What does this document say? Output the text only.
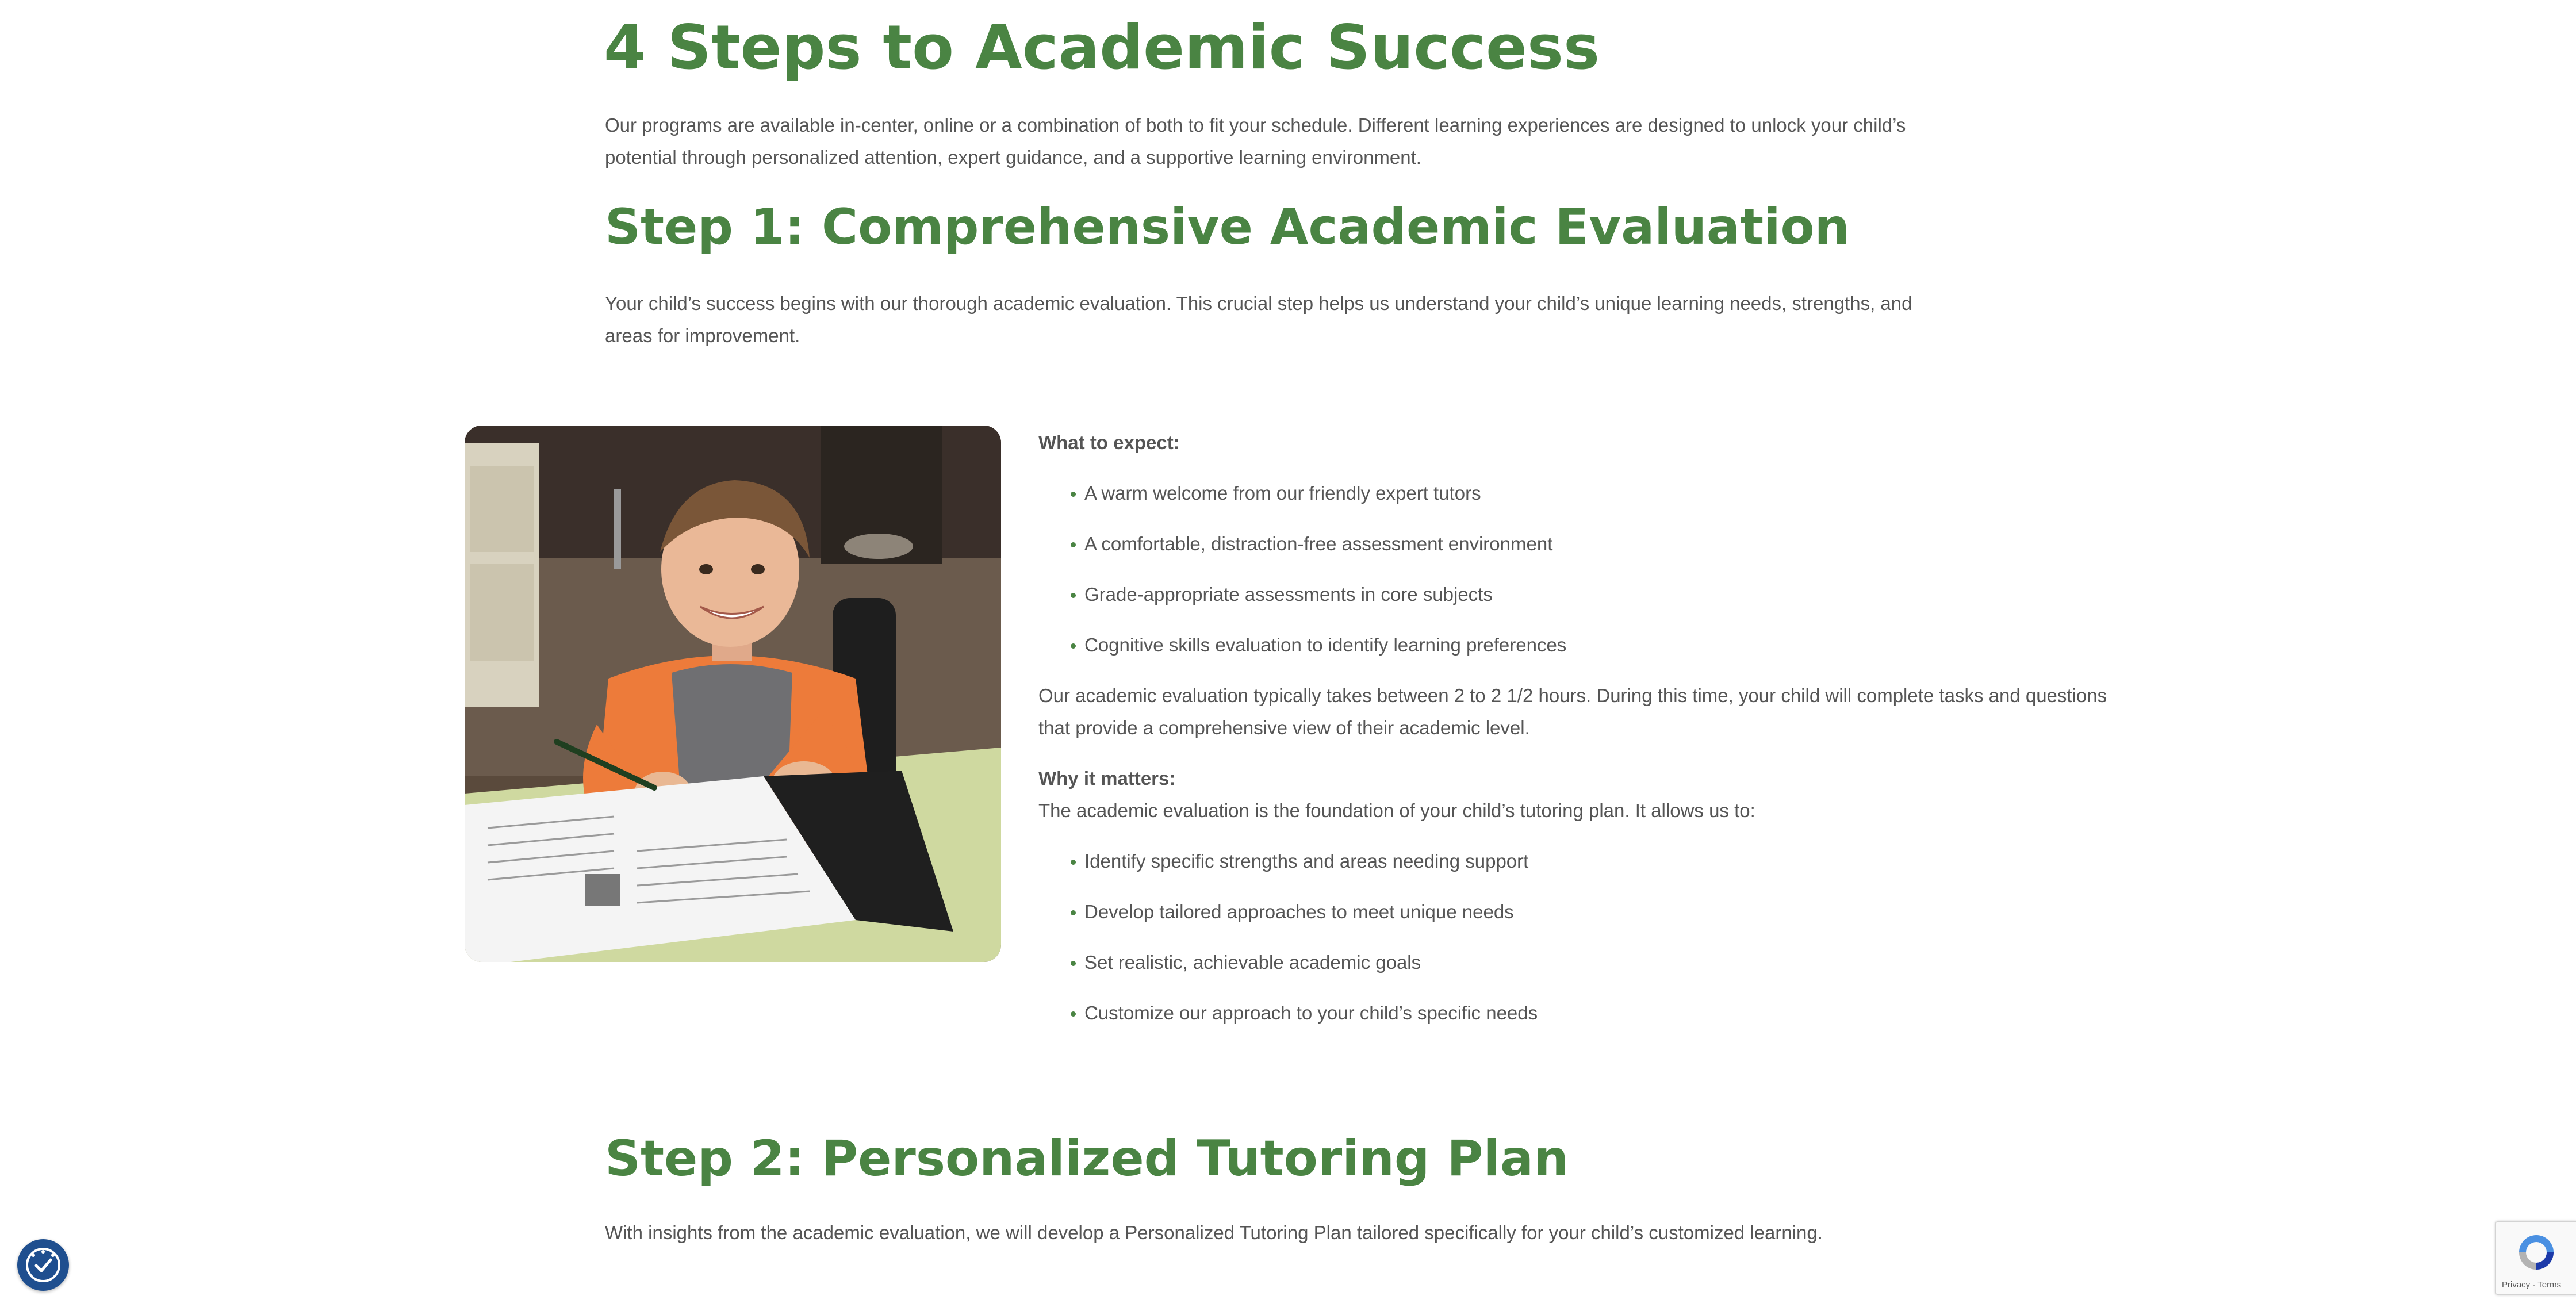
4 Steps to Academic Success

Our programs are available in-center, online or a combination of both to fit your schedule. Different learning experiences are designed to unlock your child’s potential through personalized attention, expert guidance, and a supportive learning environment.

Step 1: Comprehensive Academic Evaluation

Your child’s success begins with our thorough academic evaluation. This crucial step helps us understand your child’s unique learning needs, strengths, and areas for improvement.

What to expect:

A warm welcome from our friendly expert tutors
A comfortable, distraction-free assessment environment
Grade-appropriate assessments in core subjects
Cognitive skills evaluation to identify learning preferences

Our academic evaluation typically takes between 2 to 2 1/2 hours. During this time, your child will complete tasks and questions that provide a comprehensive view of their academic level.

Why it matters:

The academic evaluation is the foundation of your child’s tutoring plan. It allows us to:

Identify specific strengths and areas needing support
Develop tailored approaches to meet unique needs
Set realistic, achievable academic goals
Customize our approach to your child’s specific needs
Step 2: Personalized Tutoring Plan

With insights from the academic evaluation, we will develop a Personalized Tutoring Plan tailored specifically for your child’s customized learning.

Privacy - Terms
